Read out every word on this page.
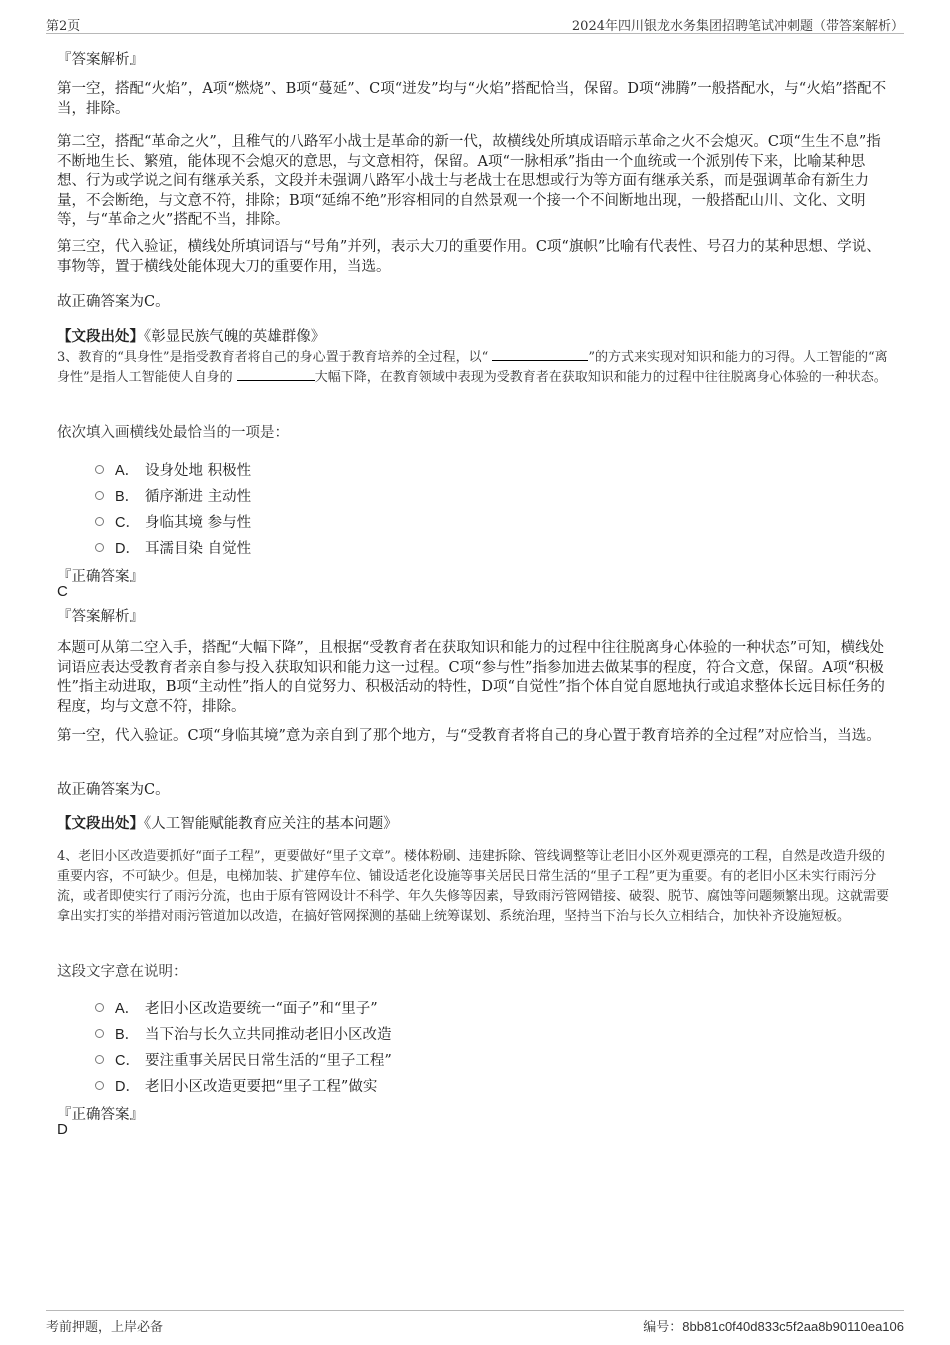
第2页	2024年四川银龙水务集团招聘笔试冲刺题（带答案解析）
『答案解析』

第一空，搭配“火焰”，A项“燃烧”、B项“蔓延”、C项“迸发”均与“火焰”搭配恰当，保留。D项“沸腾”一般搭配水，与“火焰”搭配不当，排除。

第二空，搭配“革命之火”，且稚气的八路军小战士是革命的新一代，故横线处所填成语暗示革命之火不会熄灭。C项“生生不息”指不断地生长、繁殖，能体现不会熄灭的意思，与文意相符，保留。A项“一脉相承”指由一个血统或一个派别传下来，比喻某种思想、行为或学说之间有继承关系，文段并未强调八路军小战士与老战士在思想或行为等方面有继承关系，而是强调革命有新生力量，不会断绝，与文意不符，排除；B项“延绵不绝”形容相同的自然景观一个接一个不间断地出现，一般搭配山川、文化、文明等，与“革命之火”搭配不当，排除。

第三空，代入验证，横线处所填词语与“号角”并列，表示大刀的重要作用。C项“旗帜”比喻有代表性、号召力的某种思想、学说、事物等，置于横线处能体现大刀的重要作用，当选。

故正确答案为C。
【文段出处】《彰显民族气魄的英雄群像》

3、教育的“具身性”是指受教育者将自己的身心置于教育培养的全过程，以“	”的方式来实现对知识和能力的习得。人工智能的“离身性”是指人工智能使人自身的	大幅下降，在教育领域中表现为受教育者在获取知识和能力的过程中往往脱离身心体验的一种状态。

依次填入画横线处最恰当的一项是：
A． 设身处地 积极性
B． 循序渐进 主动性
C． 身临其境 参与性
D． 耳濡目染 自觉性
『正确答案』
C
『答案解析』

本题可从第二空入手，搭配“大幅下降”，且根据“受教育者在获取知识和能力的过程中往往脱离身心体验的一种状态”可知，横线处词语应表达受教育者亲自参与投入获取知识和能力这一过程。C项“参与性”指参加进去做某事的程度，符合文意，保留。A项“积极性”指主动进取，B项“主动性”指人的自觉努力、积极活动的特性，D项“自觉性”指个体自觉自愿地执行或追求整体长远目标任务的程度，均与文意不符，排除。

第一空，代入验证。C项“身临其境”意为亲自到了那个地方，与“受教育者将自己的身心置于教育培养的全过程”对应恰当，当选。

故正确答案为C。
【文段出处】《人工智能赋能教育应关注的基本问题》

4、老旧小区改造要抓好“面子工程”，更要做好“里子文章”。楼体粉刷、违建拆除、管线调整等让老旧小区外观更漂亮的工程，自然是改造升级的重要内容，不可缺少。但是，电梯加装、扩建停车位、铺设适老化设施等事关居民日常生活的“里子工程”更为重要。有的老旧小区未实行雨污分流，或者即使实行了雨污分流，也由于原有管网设计不科学、年久失修等因素，导致雨污管网错接、破裂、脱节、腐蚀等问题频繁出现。这就需要拿出实打实的举措对雨污管道加以改造，在搞好管网探测的基础上统筹谋划、系统治理，坚持当下治与长久立相结合，加快补齐设施短板。

这段文字意在说明：
A． 老旧小区改造要统一“面子”和“里子”
B． 当下治与长久立共同推动老旧小区改造
C． 要注重事关居民日常生活的“里子工程”
D． 老旧小区改造更要把“里子工程”做实
『正确答案』
D
考前押题，上岸必备	编号：8bb81c0f40d833c5f2aa8b90110ea106
